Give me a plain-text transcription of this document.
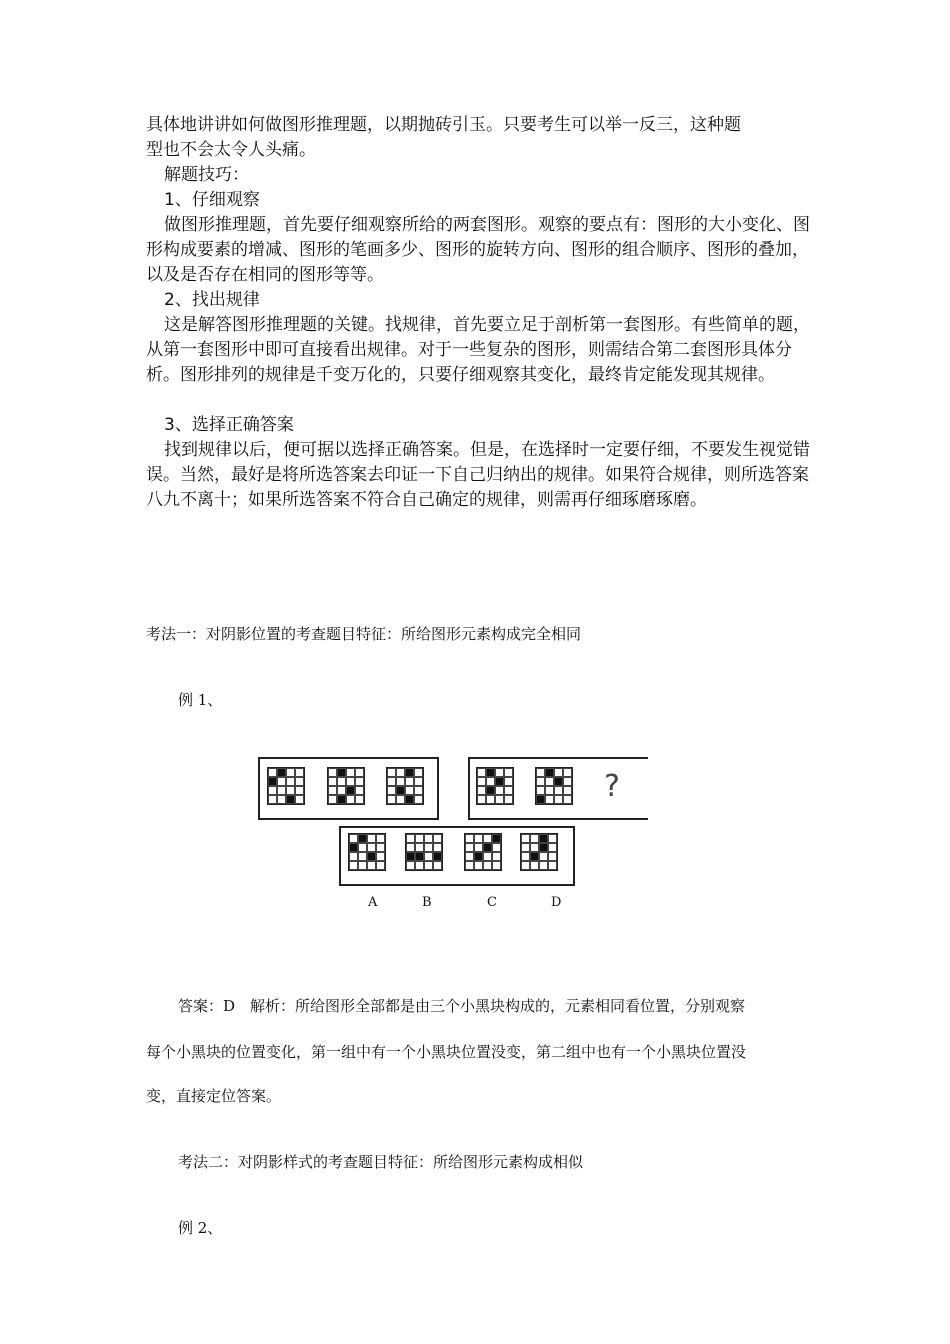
具体地讲讲如何做图形推理题，以期抛砖引玉。只要考生可以举一反三，这种题

型也不会太令人头痛。

解题技巧：

1、仔细观察

做图形推理题，首先要仔细观察所给的两套图形。观察的要点有：图形的大小变化、图形构成要素的增减、图形的笔画多少、图形的旋转方向、图形的组合顺序、图形的叠加，以及是否存在相同的图形等等。

2、找出规律

这是解答图形推理题的关键。找规律，首先要立足于剖析第一套图形。有些简单的题，从第一套图形中即可直接看出规律。对于一些复杂的图形，则需结合第二套图形具体分析。图形排列的规律是千变万化的，只要仔细观察其变化，最终肯定能发现其规律。

3、选择正确答案

找到规律以后，便可据以选择正确答案。但是，在选择时一定要仔细，不要发生视觉错误。当然，最好是将所选答案去印证一下自己归纳出的规律。如果符合规律，则所选答案八九不离十；如果所选答案不符合自己确定的规律，则需再仔细琢磨琢磨。

考法一：对阴影位置的考查题目特征：所给图形元素构成完全相同

例 1、

?
A	B	C	D

答案：D　解析：所给图形全部都是由三个小黑块构成的，元素相同看位置，分别观察

每个小黑块的位置变化，第一组中有一个小黑块位置没变，第二组中也有一个小黑块位置没

变，直接定位答案。

考法二：对阴影样式的考查题目特征：所给图形元素构成相似

例 2、
